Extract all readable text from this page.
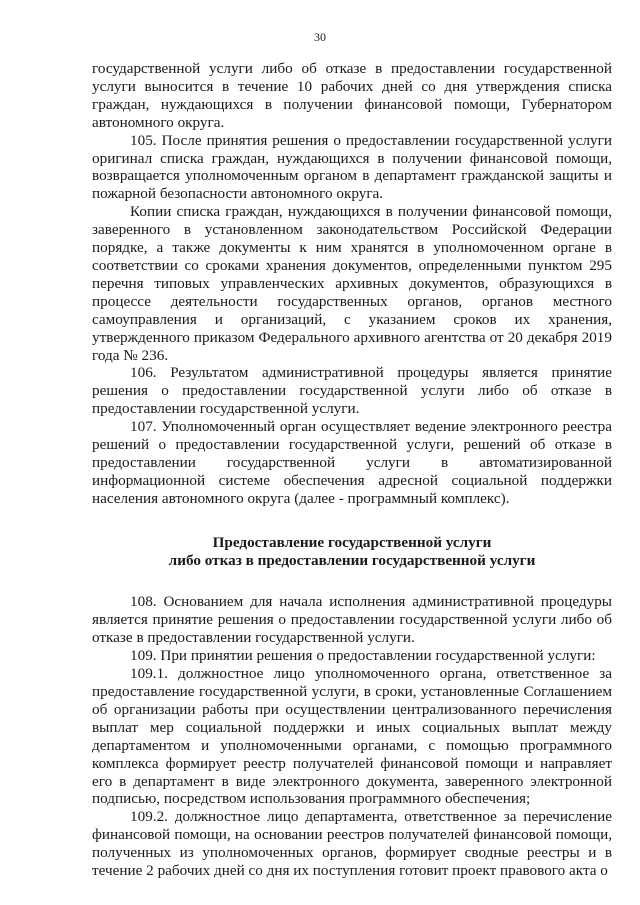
30

государственной услуги либо об отказе в предоставлении государственной услуги выносится в течение 10 рабочих дней со дня утверждения списка граждан, нуждающихся в получении финансовой помощи, Губернатором автономного округа.

105. После принятия решения о предоставлении государственной услуги оригинал списка граждан, нуждающихся в получении финансовой помощи, возвращается уполномоченным органом в департамент гражданской защиты и пожарной безопасности автономного округа.

Копии списка граждан, нуждающихся в получении финансовой помощи, заверенного в установленном законодательством Российской Федерации порядке, а также документы к ним хранятся в уполномоченном органе в соответствии со сроками хранения документов, определенными пунктом 295 перечня типовых управленческих архивных документов, образующихся в процессе деятельности государственных органов, органов местного самоуправления и организаций, с указанием сроков их хранения, утвержденного приказом Федерального архивного агентства от 20 декабря 2019 года № 236.

106. Результатом административной процедуры является принятие решения о предоставлении государственной услуги либо об отказе в предоставлении государственной услуги.

107. Уполномоченный орган осуществляет ведение электронного реестра решений о предоставлении государственной услуги, решений об отказе в предоставлении государственной услуги в автоматизированной информационной системе обеспечения адресной социальной поддержки населения автономного округа (далее - программный комплекс).

Предоставление государственной услуги
либо отказ в предоставлении государственной услуги

108. Основанием для начала исполнения административной процедуры является принятие решения о предоставлении государственной услуги либо об отказе в предоставлении государственной услуги.

109. При принятии решения о предоставлении государственной услуги:

109.1. должностное лицо уполномоченного органа, ответственное за предоставление государственной услуги, в сроки, установленные Соглашением об организации работы при осуществлении централизованного перечисления выплат мер социальной поддержки и иных социальных выплат между департаментом и уполномоченными органами, с помощью программного комплекса формирует реестр получателей финансовой помощи и направляет его в департамент в виде электронного документа, заверенного электронной подписью, посредством использования программного обеспечения;

109.2. должностное лицо департамента, ответственное за перечисление финансовой помощи, на основании реестров получателей финансовой помощи, полученных из уполномоченных органов, формирует сводные реестры и в течение 2 рабочих дней со дня их поступления готовит проект правового акта о
